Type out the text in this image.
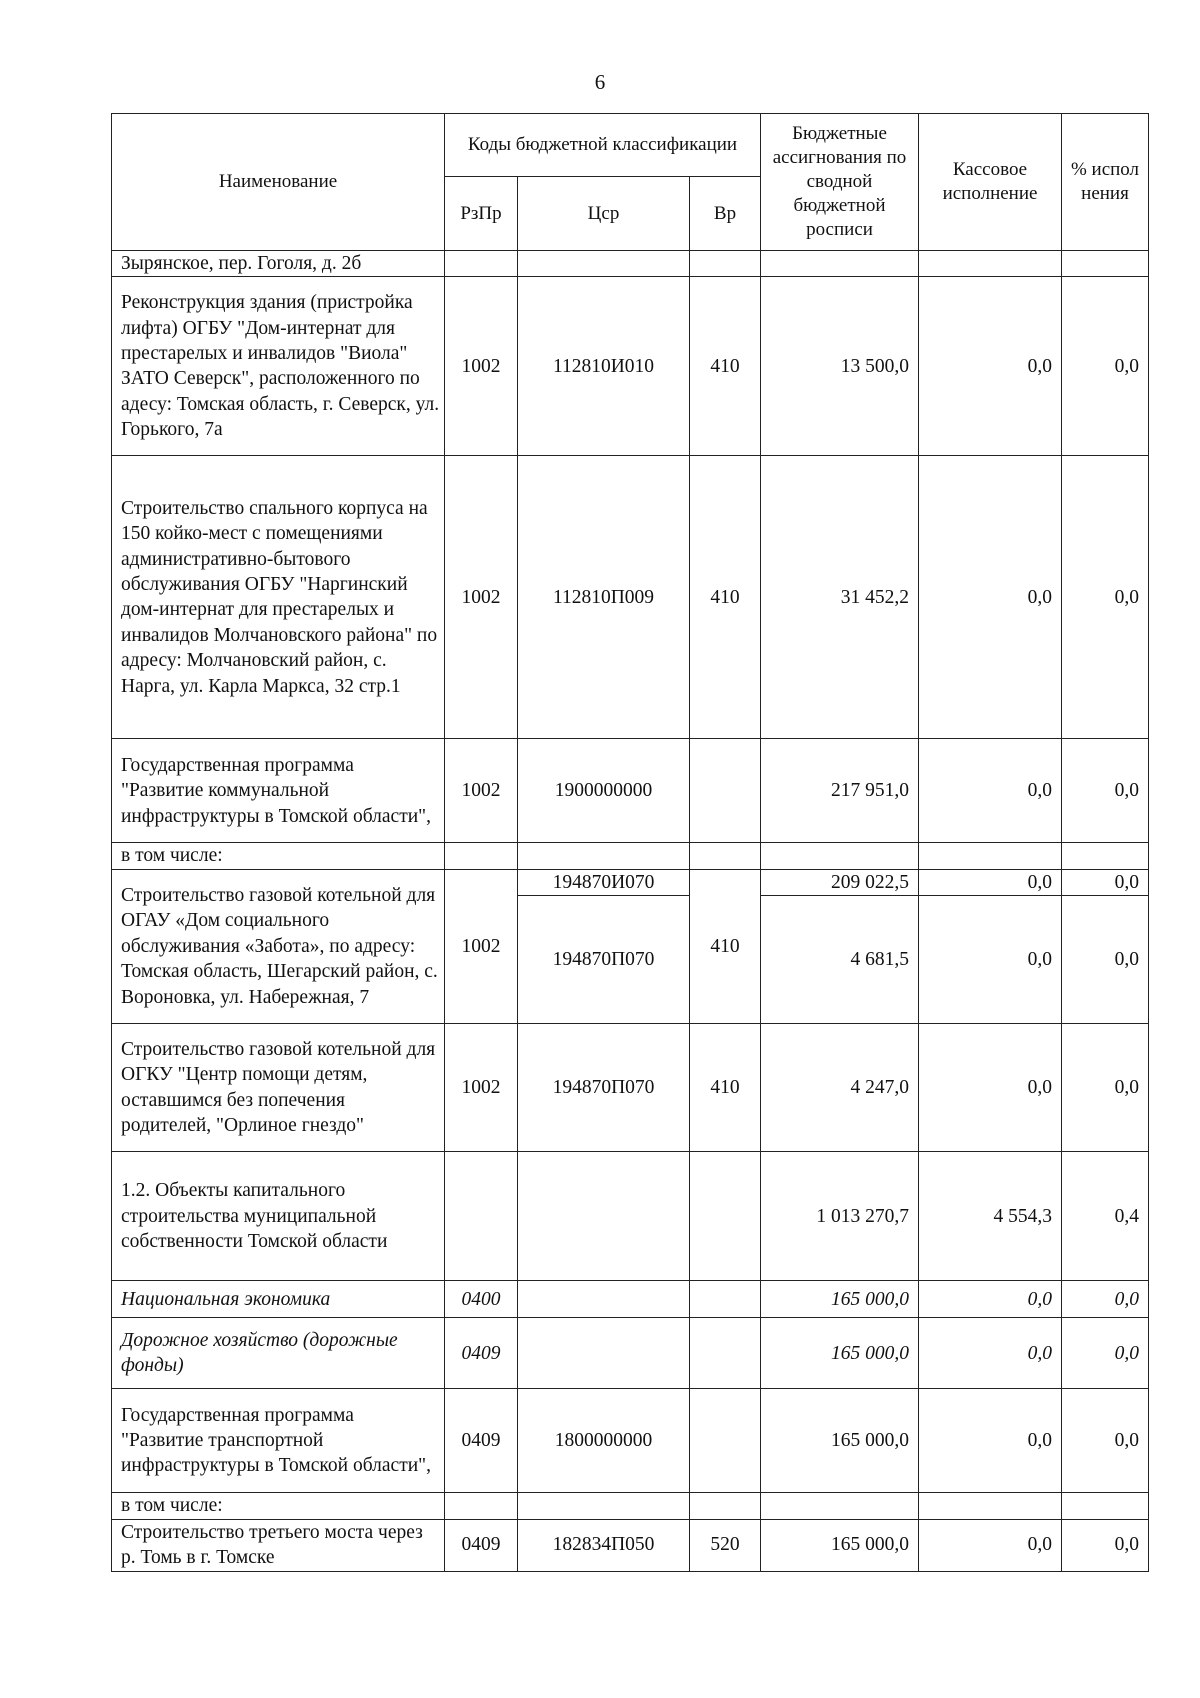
6
Наименование	Коды бюджетной классификации			Бюджетные ассигнования по сводной бюджетной росписи	Кассовое исполнение	% испол нения
	РзПр	Цср	Вр			
Зырянское, пер. Гоголя, д. 2б						
Реконструкция здания (пристройка лифта) ОГБУ "Дом-интернат для престарелых и инвалидов "Виола" ЗАТО Северск", расположенного по адесу: Томская область, г. Северск, ул. Горького, 7а	1002	112810И010	410	13 500,0	0,0	0,0
Строительство спального корпуса на 150 койко-мест с помещениями административно-бытового обслуживания ОГБУ "Наргинский дом-интернат для престарелых и инвалидов Молчановского района" по адресу: Молчановский район, с. Нарга, ул. Карла Маркса, 32 стр.1	1002	112810П009	410	31 452,2	0,0	0,0
Государственная программа "Развитие коммунальной инфраструктуры в Томской области",	1002	1900000000		217 951,0	0,0	0,0
в том числе:						
Строительство газовой котельной для ОГАУ «Дом социального обслуживания «Забота», по адресу: Томская область, Шегарский район, с. Вороновка, ул. Набережная, 7	1002	194870И070	410	209 022,5	0,0	0,0
		194870П070		4 681,5	0,0	0,0
Строительство газовой котельной для ОГКУ "Центр помощи детям, оставшимся без попечения родителей, "Орлиное гнездо"	1002	194870П070	410	4 247,0	0,0	0,0
1.2. Объекты капитального строительства муниципальной собственности Томской области				1 013 270,7	4 554,3	0,4
Национальная экономика	0400			165 000,0	0,0	0,0
Дорожное хозяйство (дорожные фонды)	0409			165 000,0	0,0	0,0
Государственная программа "Развитие транспортной инфраструктуры в Томской области",	0409	1800000000		165 000,0	0,0	0,0
в том числе:						
Строительство третьего моста через р. Томь в г. Томске	0409	182834П050	520	165 000,0	0,0	0,0
